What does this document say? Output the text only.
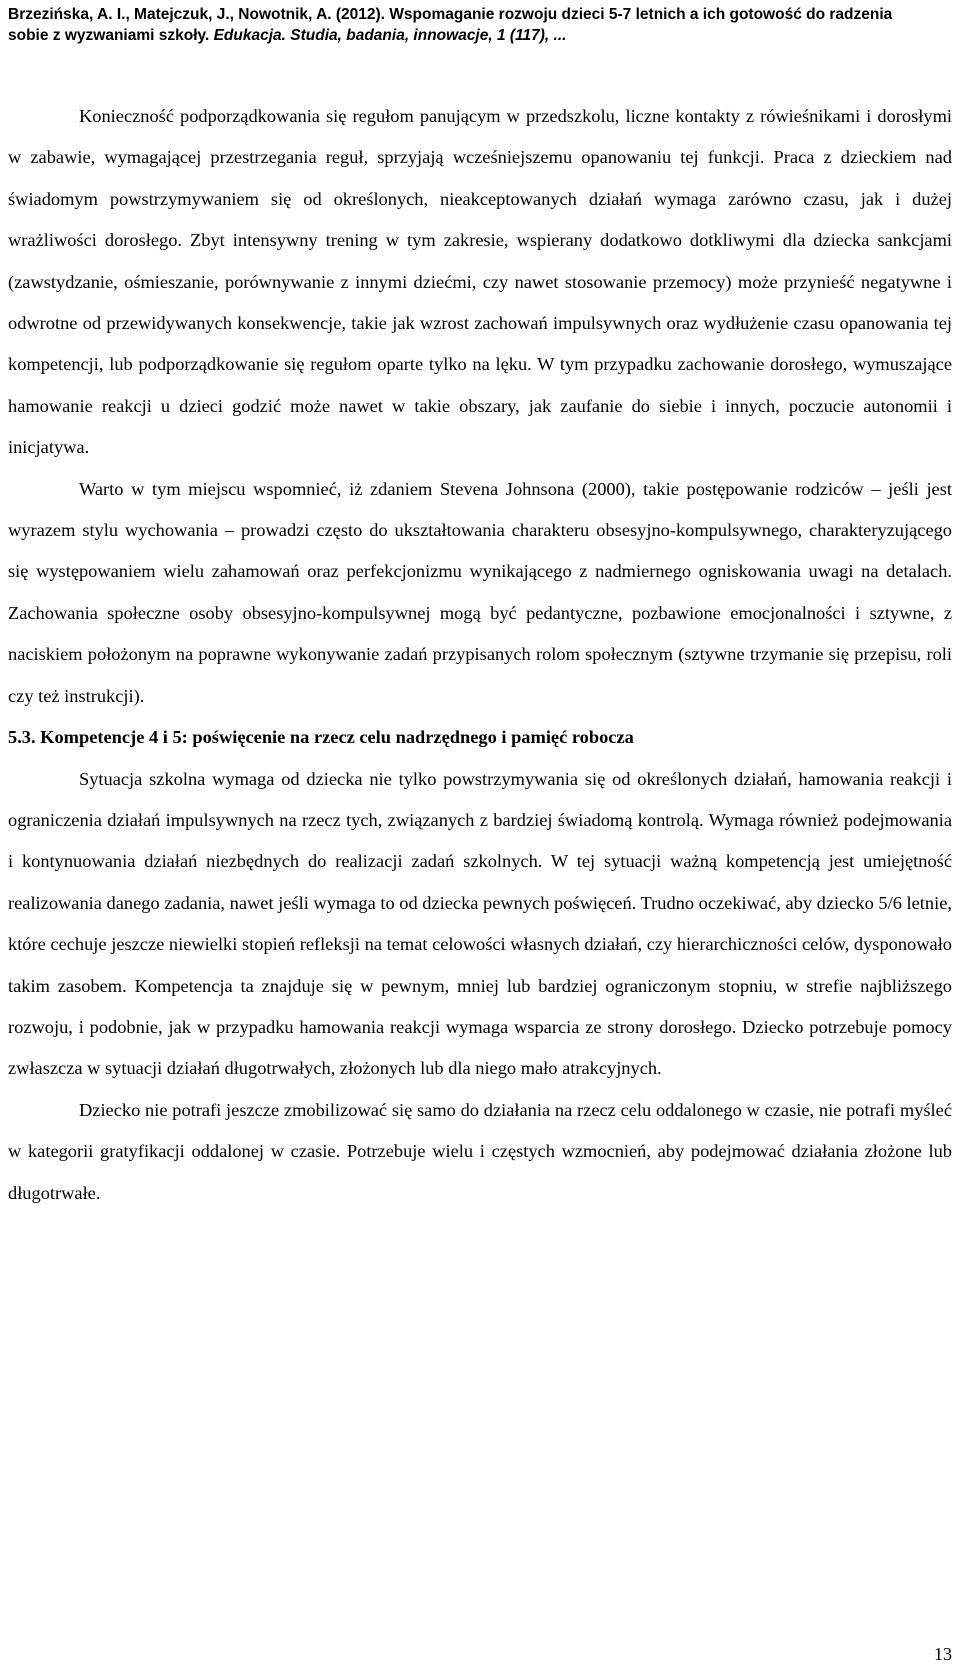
Brzezińska, A. I., Matejczuk, J., Nowotnik, A. (2012). Wspomaganie rozwoju dzieci 5-7 letnich a ich gotowość do radzenia
sobie z wyzwaniami szkoły. Edukacja. Studia, badania, innowacje, 1 (117), ...

Konieczność podporządkowania się regułom panującym w przedszkolu, liczne kontakty z rówieśnikami i dorosłymi w zabawie, wymagającej przestrzegania reguł, sprzyjają wcześniejszemu opanowaniu tej funkcji. Praca z dzieckiem nad świadomym powstrzymywaniem się od określonych, nieakceptowanych działań wymaga zarówno czasu, jak i dużej wrażliwości dorosłego. Zbyt intensywny trening w tym zakresie, wspierany dodatkowo dotkliwymi dla dziecka sankcjami (zawstydzanie, ośmieszanie, porównywanie z innymi dziećmi, czy nawet stosowanie przemocy) może przynieść negatywne i odwrotne od przewidywanych konsekwencje, takie jak wzrost zachowań impulsywnych oraz wydłużenie czasu opanowania tej kompetencji, lub podporządkowanie się regułom oparte tylko na lęku. W tym przypadku zachowanie dorosłego, wymuszające hamowanie reakcji u dzieci godzić może nawet w takie obszary, jak zaufanie do siebie i innych, poczucie autonomii i inicjatywa.

Warto w tym miejscu wspomnieć, iż zdaniem Stevena Johnsona (2000), takie postępowanie rodziców – jeśli jest wyrazem stylu wychowania – prowadzi często do ukształtowania charakteru obsesyjno-kompulsywnego, charakteryzującego się występowaniem wielu zahamowań oraz perfekcjonizmu wynikającego z nadmiernego ogniskowania uwagi na detalach. Zachowania społeczne osoby obsesyjno-kompulsywnej mogą być pedantyczne, pozbawione emocjonalności i sztywne, z naciskiem położonym na poprawne wykonywanie zadań przypisanych rolom społecznym (sztywne trzymanie się przepisu, roli czy też instrukcji).

5.3. Kompetencje 4 i 5: poświęcenie na rzecz celu nadrzędnego i pamięć robocza

Sytuacja szkolna wymaga od dziecka nie tylko powstrzymywania się od określonych działań, hamowania reakcji i ograniczenia działań impulsywnych na rzecz tych, związanych z bardziej świadomą kontrolą. Wymaga również podejmowania i kontynuowania działań niezbędnych do realizacji zadań szkolnych. W tej sytuacji ważną kompetencją jest umiejętność realizowania danego zadania, nawet jeśli wymaga to od dziecka pewnych poświęceń. Trudno oczekiwać, aby dziecko 5/6 letnie, które cechuje jeszcze niewielki stopień refleksji na temat celowości własnych działań, czy hierarchiczności celów, dysponowało takim zasobem. Kompetencja ta znajduje się w pewnym, mniej lub bardziej ograniczonym stopniu, w strefie najbliższego rozwoju, i podobnie, jak w przypadku hamowania reakcji wymaga wsparcia ze strony dorosłego. Dziecko potrzebuje pomocy zwłaszcza w sytuacji działań długotrwałych, złożonych lub dla niego mało atrakcyjnych.

Dziecko nie potrafi jeszcze zmobilizować się samo do działania na rzecz celu oddalonego w czasie, nie potrafi myśleć w kategorii gratyfikacji oddalonej w czasie. Potrzebuje wielu i częstych wzmocnień, aby podejmować działania złożone lub długotrwałe.

13
